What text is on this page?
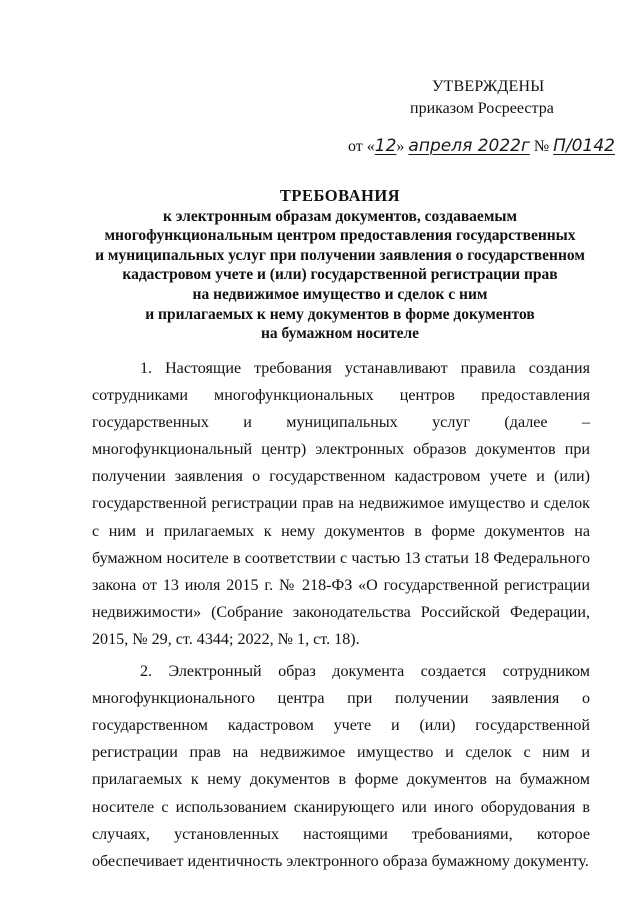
УТВЕРЖДЕНЫ
приказом Росреестра
от «12» апреля 2022г № П/0142
ТРЕБОВАНИЯ
к электронным образам документов, создаваемым
многофункциональным центром предоставления государственных
и муниципальных услуг при получении заявления о государственном
кадастровом учете и (или) государственной регистрации прав
на недвижимое имущество и сделок с ним
и прилагаемых к нему документов в форме документов
на бумажном носителе

1. Настоящие требования устанавливают правила создания сотрудниками многофункциональных центров предоставления государственных и муниципальных услуг (далее – многофункциональный центр) электронных образов документов при получении заявления о государственном кадастровом учете и (или) государственной регистрации прав на недвижимое имущество и сделок с ним и прилагаемых к нему документов в форме документов на бумажном носителе в соответствии с частью 13 статьи 18 Федерального закона от 13 июля 2015 г. № 218-ФЗ «О государственной регистрации недвижимости» (Собрание законодательства Российской Федерации, 2015, № 29, ст. 4344; 2022, № 1, ст. 18).

2. Электронный образ документа создается сотрудником многофункционального центра при получении заявления о государственном кадастровом учете и (или) государственной регистрации прав на недвижимое имущество и сделок с ним и прилагаемых к нему документов в форме документов на бумажном носителе с использованием сканирующего или иного оборудования в случаях, установленных настоящими требованиями, которое обеспечивает идентичность электронного образа бумажному документу.
